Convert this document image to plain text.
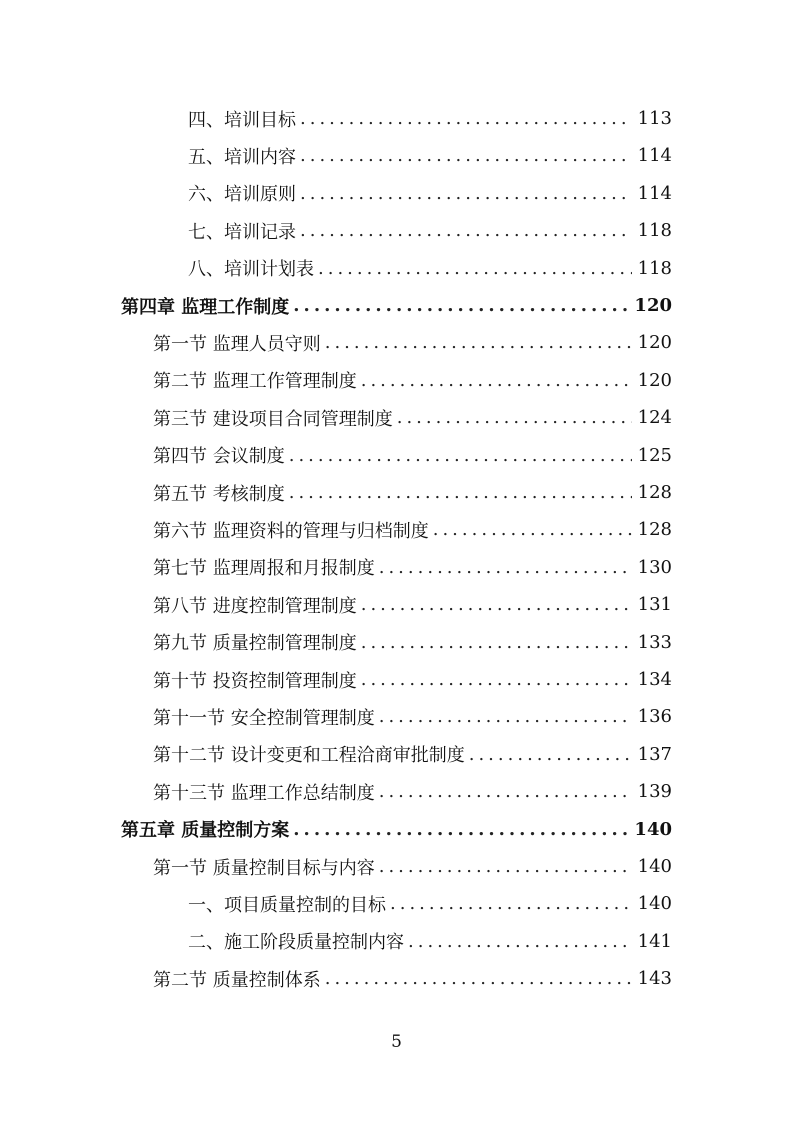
四、培训目标 .....	113
五、培训内容 .....	114
六、培训原则 .....	114
七、培训记录 .....	118
八、培训计划表 .....	118
第四章 监理工作制度 .....	120
第一节 监理人员守则 .....	120
第二节 监理工作管理制度 .....	120
第三节 建设项目合同管理制度 .....	124
第四节 会议制度 .....	125
第五节 考核制度 .....	128
第六节 监理资料的管理与归档制度 .....	128
第七节 监理周报和月报制度 .....	130
第八节 进度控制管理制度 .....	131
第九节 质量控制管理制度 .....	133
第十节 投资控制管理制度 .....	134
第十一节 安全控制管理制度 .....	136
第十二节 设计变更和工程洽商审批制度 .....	137
第十三节 监理工作总结制度 .....	139
第五章 质量控制方案 .....	140
第一节 质量控制目标与内容 .....	140
一、项目质量控制的目标 .....	140
二、施工阶段质量控制内容 .....	141
第二节 质量控制体系 .....	143
5
